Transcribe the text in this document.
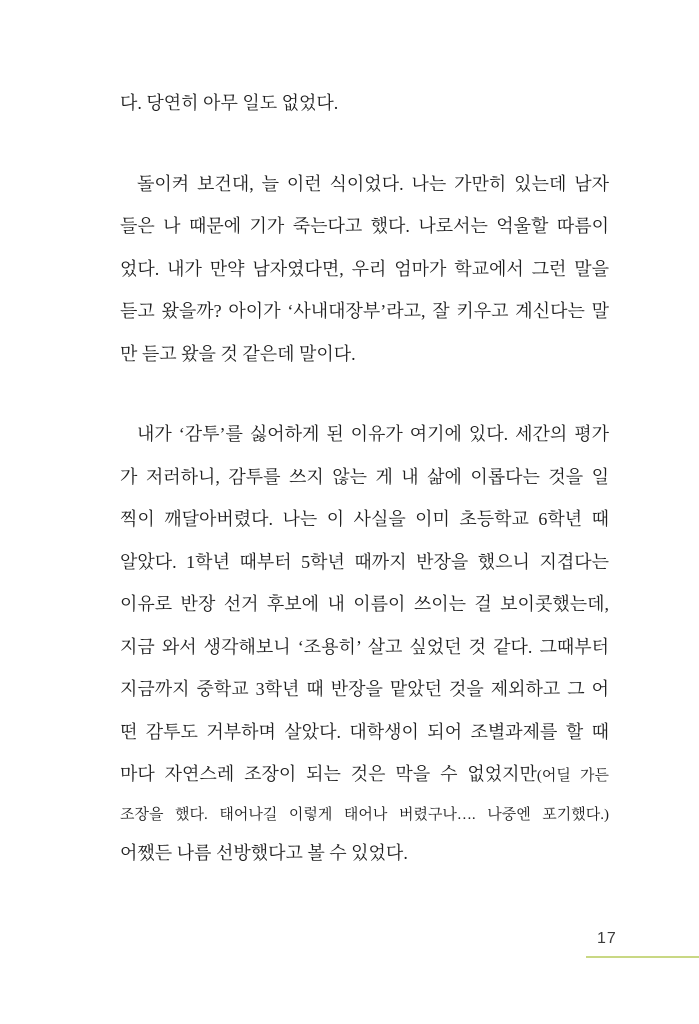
다. 당연히 아무 일도 없었다.
돌이켜 보건대, 늘 이런 식이었다. 나는 가만히 있는데 남자
들은 나 때문에 기가 죽는다고 했다. 나로서는 억울할 따름이
었다. 내가 만약 남자였다면, 우리 엄마가 학교에서 그런 말을
듣고 왔을까? 아이가 ‘사내대장부’라고, 잘 키우고 계신다는 말
만 듣고 왔을 것 같은데 말이다.
내가 ‘감투’를 싫어하게 된 이유가 여기에 있다. 세간의 평가
가 저러하니, 감투를 쓰지 않는 게 내 삶에 이롭다는 것을 일
찍이 깨달아버렸다. 나는 이 사실을 이미 초등학교 6학년 때
알았다. 1학년 때부터 5학년 때까지 반장을 했으니 지겹다는
이유로 반장 선거 후보에 내 이름이 쓰이는 걸 보이콧했는데,
지금 와서 생각해보니 ‘조용히’ 살고 싶었던 것 같다. 그때부터
지금까지 중학교 3학년 때 반장을 맡았던 것을 제외하고 그 어
떤 감투도 거부하며 살았다. 대학생이 되어 조별과제를 할 때
마다 자연스레 조장이 되는 것은 막을 수 없었지만(어딜 가든
조장을 했다. 태어나길 이렇게 태어나 버렸구나…. 나중엔 포기했다.)
어쨌든 나름 선방했다고 볼 수 있었다.
17
